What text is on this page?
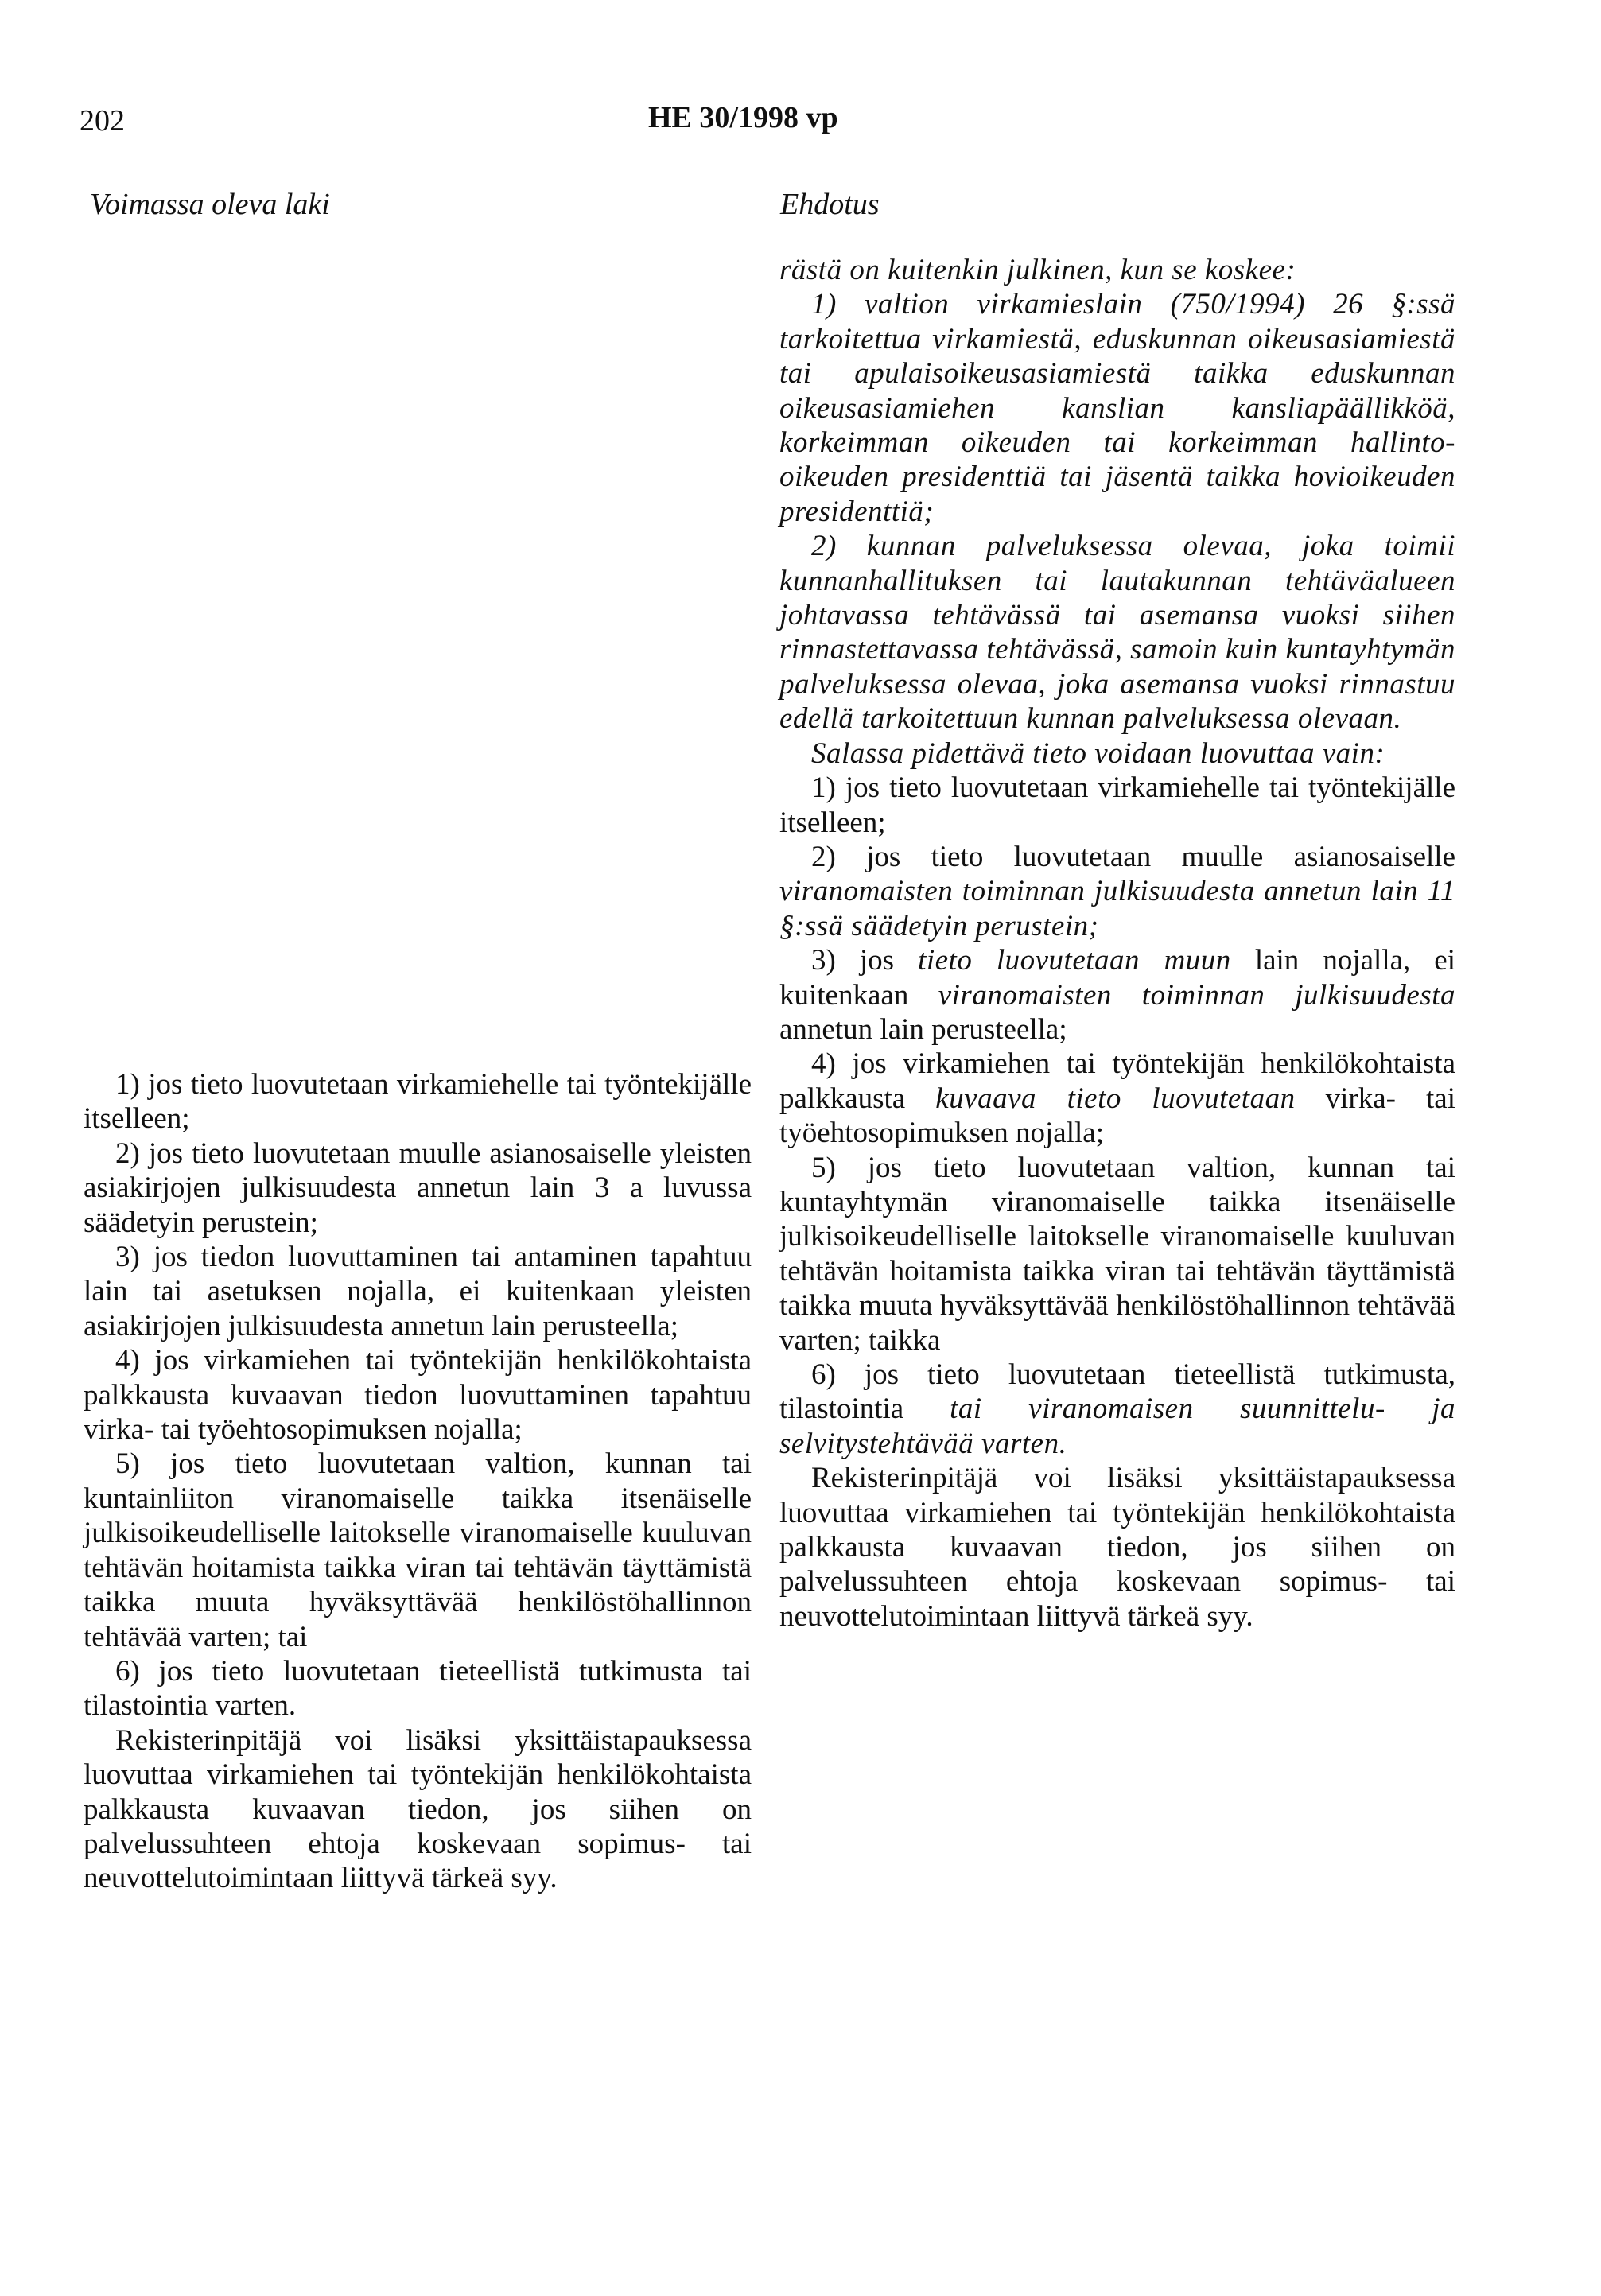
202	HE 30/1998 vp
Voimassa oleva laki	Ehdotus

1) jos tieto luovutetaan virkamiehelle tai työntekijälle itselleen;

2) jos tieto luovutetaan muulle asianosaiselle yleisten asiakirjojen julkisuudesta annetun lain 3 a luvussa säädetyin perustein;

3) jos tiedon luovuttaminen tai antaminen tapahtuu lain tai asetuksen nojalla, ei kuitenkaan yleisten asiakirjojen julkisuudesta annetun lain perusteella;

4) jos virkamiehen tai työntekijän henkilökohtaista palkkausta kuvaavan tiedon luovuttaminen tapahtuu virka- tai työehtosopimuksen nojalla;

5) jos tieto luovutetaan valtion, kunnan tai kuntainliiton viranomaiselle taikka itsenäiselle julkisoikeudelliselle laitokselle viranomaiselle kuuluvan tehtävän hoitamista taikka viran tai tehtävän täyttämistä taikka muuta hyväksyttävää henkilöstöhallinnon tehtävää varten; tai

6) jos tieto luovutetaan tieteellistä tutkimusta tai tilastointia varten.

Rekisterinpitäjä voi lisäksi yksittäistapauksessa luovuttaa virkamiehen tai työntekijän henkilökohtaista palkkausta kuvaavan tiedon, jos siihen on palvelussuhteen ehtoja koskevaan sopimus- tai neuvottelutoimintaan liittyvä tärkeä syy.

rästä on kuitenkin julkinen, kun se koskee:

1) valtion virkamieslain (750/1994) 26 §:ssä tarkoitettua virkamiestä, eduskunnan oikeusasiamiestä tai apulaisoikeusasiamiestä taikka eduskunnan oikeusasiamiehen kanslian kansliapäällikköä, korkeimman oikeuden tai korkeimman hallinto-oikeuden presidenttiä tai jäsentä taikka hovioikeuden presidenttiä;

2) kunnan palveluksessa olevaa, joka toimii kunnanhallituksen tai lautakunnan tehtäväalueen johtavassa tehtävässä tai asemansa vuoksi siihen rinnastettavassa tehtävässä, samoin kuin kuntayhtymän palveluksessa olevaa, joka asemansa vuoksi rinnastuu edellä tarkoitettuun kunnan palveluksessa olevaan.

Salassa pidettävä tieto voidaan luovuttaa vain:

1) jos tieto luovutetaan virkamiehelle tai työntekijälle itselleen;

2) jos tieto luovutetaan muulle asianosaiselle viranomaisten toiminnan julkisuudesta annetun lain 11 §:ssä säädetyin perustein;

3) jos tieto luovutetaan muun lain nojalla, ei kuitenkaan viranomaisten toiminnan julkisuudesta annetun lain perusteella;

4) jos virkamiehen tai työntekijän henkilökohtaista palkkausta kuvaava tieto luovutetaan virka- tai työehtosopimuksen nojalla;

5) jos tieto luovutetaan valtion, kunnan tai kuntayhtymän viranomaiselle taikka itsenäiselle julkisoikeudelliselle laitokselle viranomaiselle kuuluvan tehtävän hoitamista taikka viran tai tehtävän täyttämistä taikka muuta hyväksyttävää henkilöstöhallinnon tehtävää varten; taikka

6) jos tieto luovutetaan tieteellistä tutkimusta, tilastointia tai viranomaisen suunnittelu- ja selvitystehtävää varten.

Rekisterinpitäjä voi lisäksi yksittäistapauksessa luovuttaa virkamiehen tai työntekijän henkilökohtaista palkkausta kuvaavan tiedon, jos siihen on palvelussuhteen ehtoja koskevaan sopimus- tai neuvottelutoimintaan liittyvä tärkeä syy.
